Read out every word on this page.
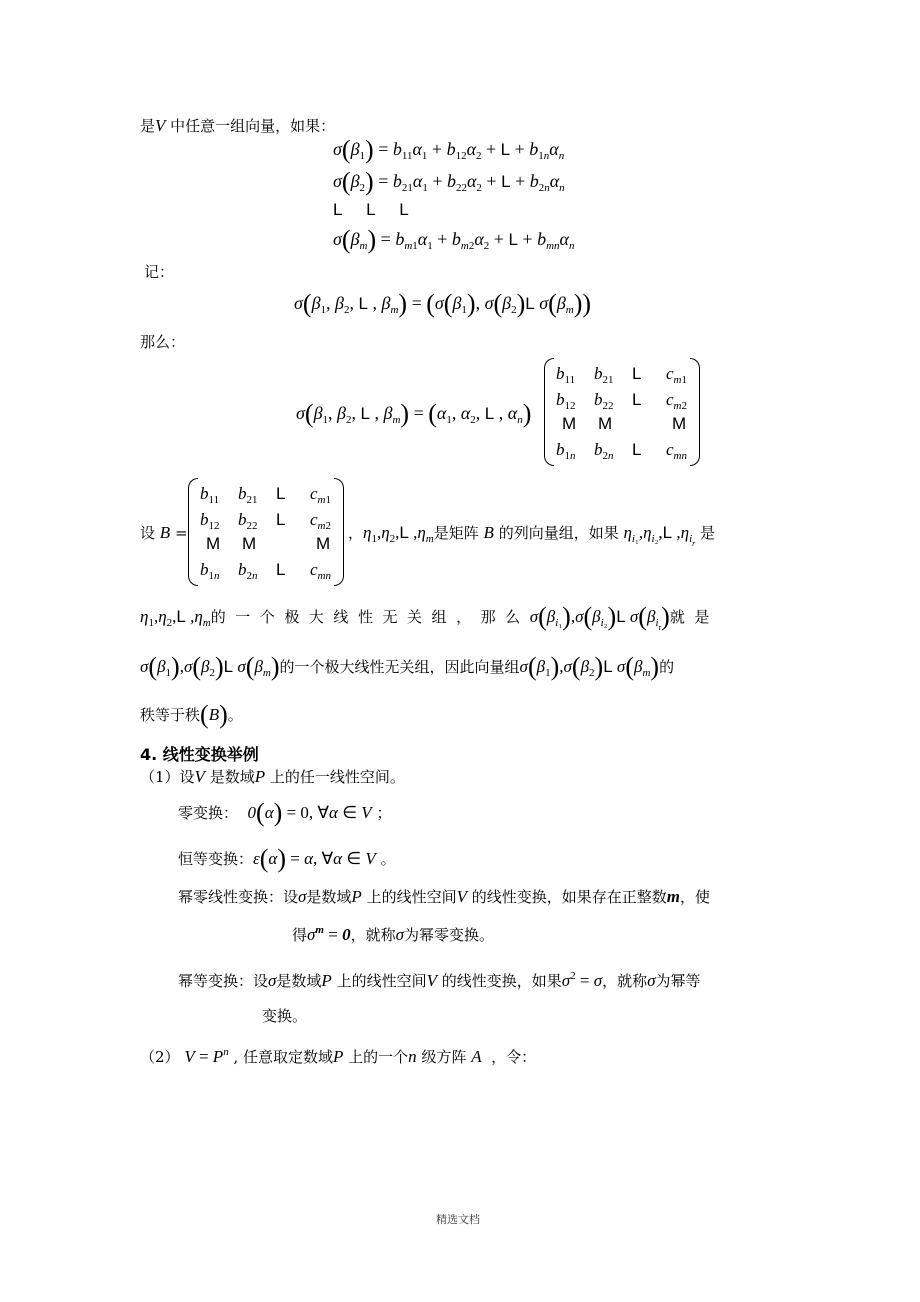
是V 中任意一组向量，如果：
$\sigma(\beta_1) = b_{11}\alpha_1 + b_{12}\alpha_2 + L + b_{1n}\alpha_n$
$\sigma(\beta_2) = b_{21}\alpha_1 + b_{22}\alpha_2 + L + b_{2n}\alpha_n$
L L L
$\sigma(\beta_m) = b_{m1}\alpha_1 + b_{m2}\alpha_2 + L + b_{mn}\alpha_n$
记：
$\sigma(\beta_1$, $\beta_2$, L , $\beta_m) = (\sigma(\beta_1)$, $\sigma(\beta_2)L$ $\sigma(\beta_m)$)
那么：
$\sigma(\beta_1$, $\beta_2$, L , $\beta_m) = (\alpha_1$, $\alpha_2$, L , $\alpha_n$)
$b_{11}$ $b_{21}$ L $c_{m1}$
$b_{12}$ $b_{22}$ L $c_{m2}$
M M	M
$b_{1n}$ $b_{2n}$ L $c_{mn}$
设 B =
$b_{11}$ $b_{21}$ L $c_{m1}$
$b_{12}$ $b_{22}$ L $c_{m2}$
M M	M
$b_{1n}$ $b_{2n}$ L $c_{mn}$
，$\eta_1,\eta_2,L$ $,\eta_m$是矩阵 B 的列向量组，如果 $\eta_{i_1},\eta_{i_2},L$ $,\eta_{i_r}$ 是
$\eta_1,\eta_2,L$ $,\eta_m$的  一  个  极  大  线  性  无  关  组  ，  那  么  $\sigma(\beta_{i_1}),\sigma(\beta_{i_2})L$ $\sigma(\beta_{i_r})$就  是
$\sigma(\beta_1),\sigma(\beta_2)L$ $\sigma(\beta_m)$的一个极大线性无关组，因此向量组$\sigma(\beta_1),\sigma(\beta_2)L$ $\sigma(\beta_m)$的
秩等于秩(B)。
4. 线性变换举例
（1）设V 是数域P 上的任一线性空间。
零变换：  0(α) = 0, ∀α ∈ V ；
恒等变换：ε(α) = α, ∀α ∈ V 。
幂零线性变换：设σ是数域P 上的线性空间V 的线性变换，如果存在正整数m，使
得$\sigma^m = 0$，就称σ为幂零变换。
幂等变换：设σ是数域P 上的线性空间V 的线性变换，如果$\sigma^2 = \sigma$，就称σ为幂等
变换。
（2） $V = P^n$ , 任意取定数域P 上的一个n 级方阵 A  ，令：
精选文档
